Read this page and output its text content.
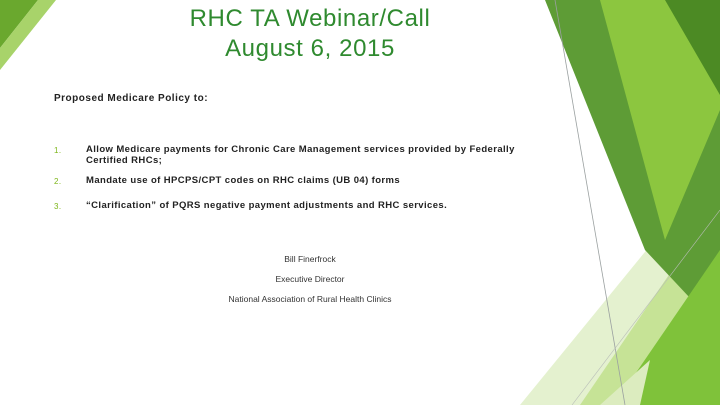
RHC TA Webinar/Call
August 6, 2015
Proposed Medicare Policy to:
1.	Allow Medicare payments for Chronic Care Management services provided by Federally Certified RHCs;
2.	Mandate use of HPCPS/CPT codes on RHC claims (UB 04) forms
3.	“Clarification” of PQRS negative payment adjustments and RHC services.
Bill Finerfrock
Executive Director
National Association of Rural Health Clinics
